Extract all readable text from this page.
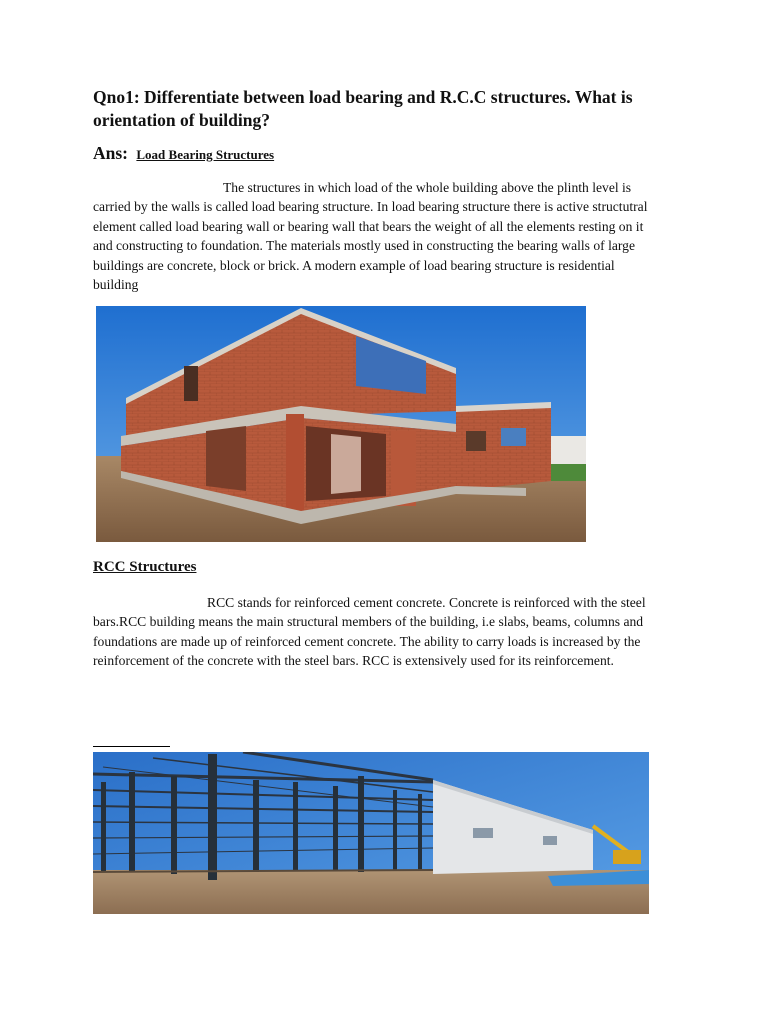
Qno1: Differentiate between load bearing and R.C.C structures. What is orientation of building?
Ans: Load Bearing Structures
The structures in which load of the whole building above the plinth level is carried by the walls is called load bearing structure. In load bearing structure there is active structutral element called load bearing wall or bearing wall that bears the weight of all the elements resting on it and constructing to foundation. The materials mostly used in constructing the bearing walls of large buildings are concrete, block or brick. A modern example of load bearing structure is residential building
RCC Structures
RCC stands for reinforced cement concrete. Concrete is reinforced with the steel bars.RCC building means the main structural members of the building, i.e slabs, beams, columns and foundations are made up of reinforced cement concrete. The ability to carry loads is increased by the reinforcement of the concrete with the steel bars. RCC is extensively used for its reinforcement.
